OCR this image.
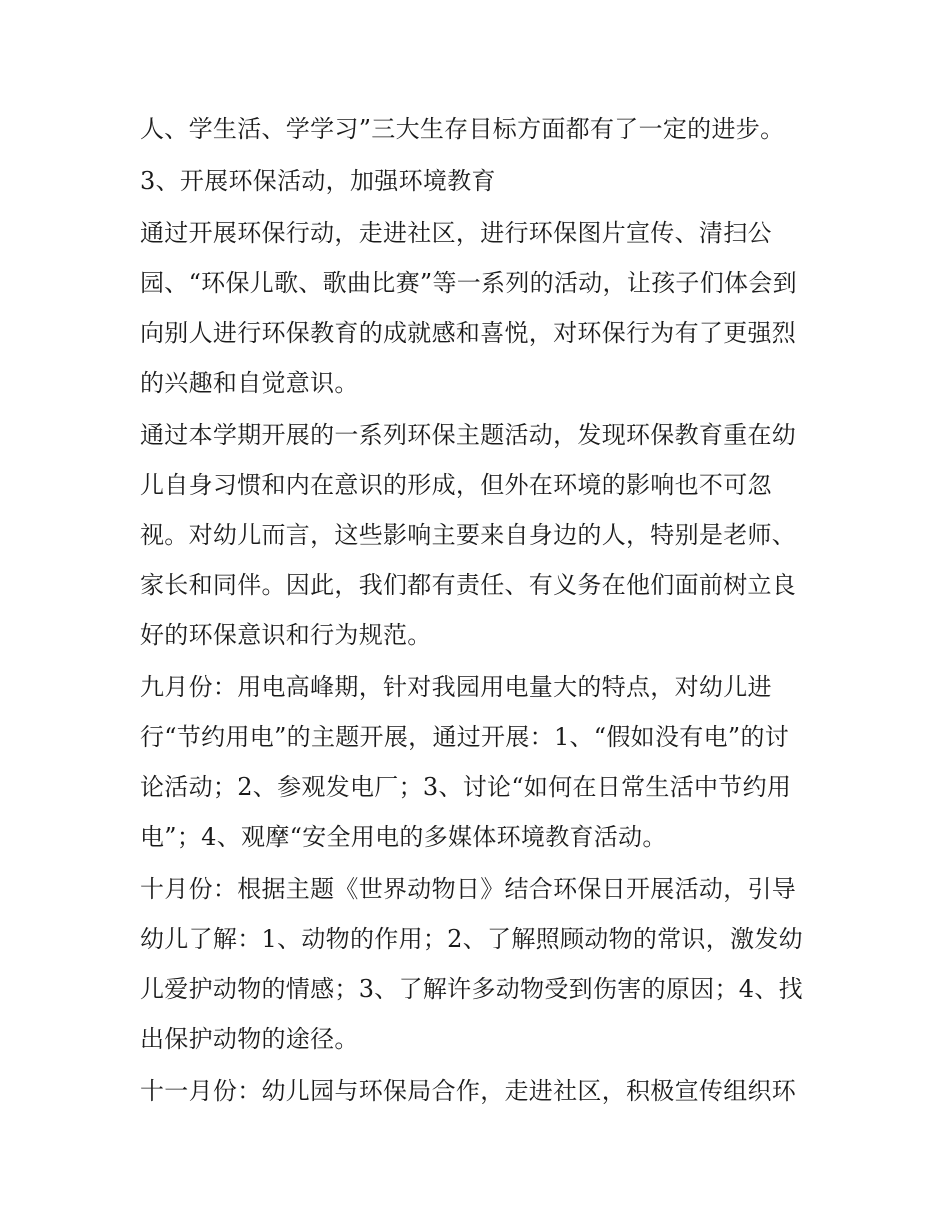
人、学生活、学学习”三大生存目标方面都有了一定的进步。
3、开展环保活动，加强环境教育
通过开展环保行动，走进社区，进行环保图片宣传、清扫公
园、“环保儿歌、歌曲比赛”等一系列的活动，让孩子们体会到
向别人进行环保教育的成就感和喜悦，对环保行为有了更强烈
的兴趣和自觉意识。
通过本学期开展的一系列环保主题活动，发现环保教育重在幼
儿自身习惯和内在意识的形成，但外在环境的影响也不可忽
视。对幼儿而言，这些影响主要来自身边的人，特别是老师、
家长和同伴。因此，我们都有责任、有义务在他们面前树立良
好的环保意识和行为规范。
九月份：用电高峰期，针对我园用电量大的特点，对幼儿进
行“节约用电”的主题开展，通过开展：1、“假如没有电”的讨
论活动；2、参观发电厂；3、讨论“如何在日常生活中节约用
电”；4、观摩“安全用电的多媒体环境教育活动。
十月份：根据主题《世界动物日》结合环保日开展活动，引导
幼儿了解：1、动物的作用；2、了解照顾动物的常识，激发幼
儿爱护动物的情感；3、了解许多动物受到伤害的原因；4、找
出保护动物的途径。
十一月份：幼儿园与环保局合作，走进社区，积极宣传组织环
